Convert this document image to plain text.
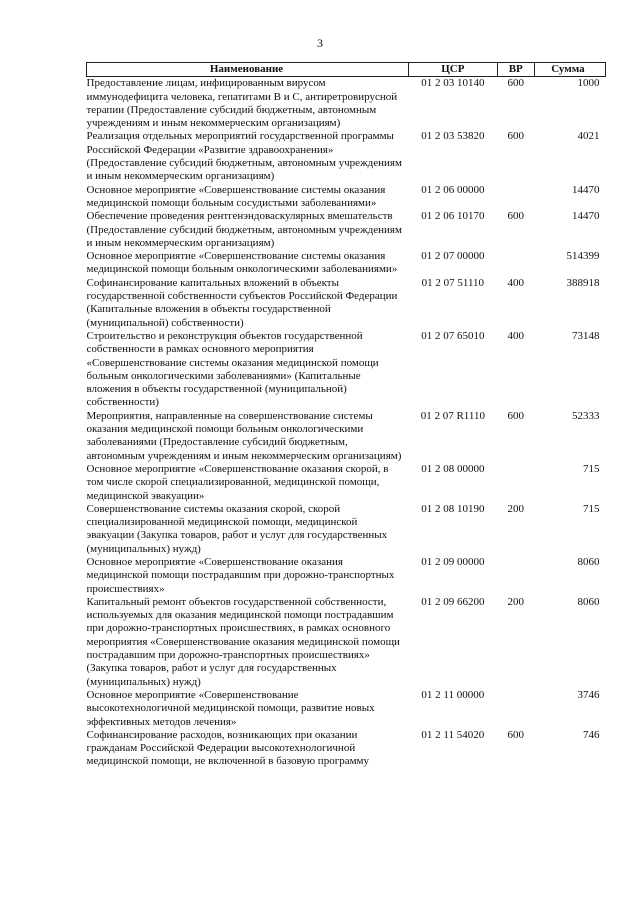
3
Наименование	ЦСР	ВР	Сумма
Предоставление лицам, инфицированным вирусом иммунодефицита человека, гепатитами В и С, антиретровирусной терапии (Предоставление субсидий бюджетным, автономным учреждениям и иным некоммерческим организациям)	01 2 03 10140	600	1000
Реализация отдельных мероприятий государственной программы Российской Федерации «Развитие здравоохранения» (Предоставление субсидий бюджетным, автономным учреждениям и иным некоммерческим организациям)	01 2 03 53820	600	4021
Основное мероприятие «Совершенствование системы оказания медицинской помощи больным сосудистыми заболеваниями»	01 2 06 00000		14470
Обеспечение проведения рентгенэндоваскулярных вмешательств (Предоставление субсидий бюджетным, автономным учреждениям и иным некоммерческим организациям)	01 2 06 10170	600	14470
Основное мероприятие «Совершенствование системы оказания медицинской помощи больным онкологическими заболеваниями»	01 2 07 00000		514399
Софинансирование капитальных вложений в объекты государственной собственности субъектов Российской Федерации (Капитальные вложения в объекты государственной (муниципальной) собственности)	01 2 07 51110	400	388918
Строительство и реконструкция объектов государственной собственности в рамках основного мероприятия «Совершенствование системы оказания медицинской помощи больным онкологическими заболеваниями» (Капитальные вложения в объекты государственной (муниципальной) собственности)	01 2 07 65010	400	73148
Мероприятия, направленные на совершенствование системы оказания медицинской помощи больным онкологическими заболеваниями (Предоставление субсидий бюджетным, автономным учреждениям и иным некоммерческим организациям)	01 2 07 R1110	600	52333
Основное мероприятие «Совершенствование оказания скорой, в том числе скорой специализированной, медицинской помощи, медицинской эвакуации»	01 2 08 00000		715
Совершенствование системы оказания скорой, скорой специализированной медицинской помощи, медицинской эвакуации (Закупка товаров, работ и услуг для государственных (муниципальных) нужд)	01 2 08 10190	200	715
Основное мероприятие «Совершенствование оказания медицинской помощи пострадавшим при дорожно-транспортных происшествиях»	01 2 09 00000		8060
Капитальный ремонт объектов государственной собственности, используемых для оказания медицинской помощи пострадавшим при дорожно-транспортных происшествиях, в рамках основного мероприятия «Совершенствование оказания медицинской помощи пострадавшим при дорожно-транспортных происшествиях» (Закупка товаров, работ и услуг для государственных (муниципальных) нужд)	01 2 09 66200	200	8060
Основное мероприятие «Совершенствование высокотехнологичной медицинской помощи, развитие новых эффективных методов лечения»	01 2 11 00000		3746
Софинансирование расходов, возникающих при оказании гражданам Российской Федерации высокотехнологичной медицинской помощи, не включенной в базовую программу	01 2 11 54020	600	746
